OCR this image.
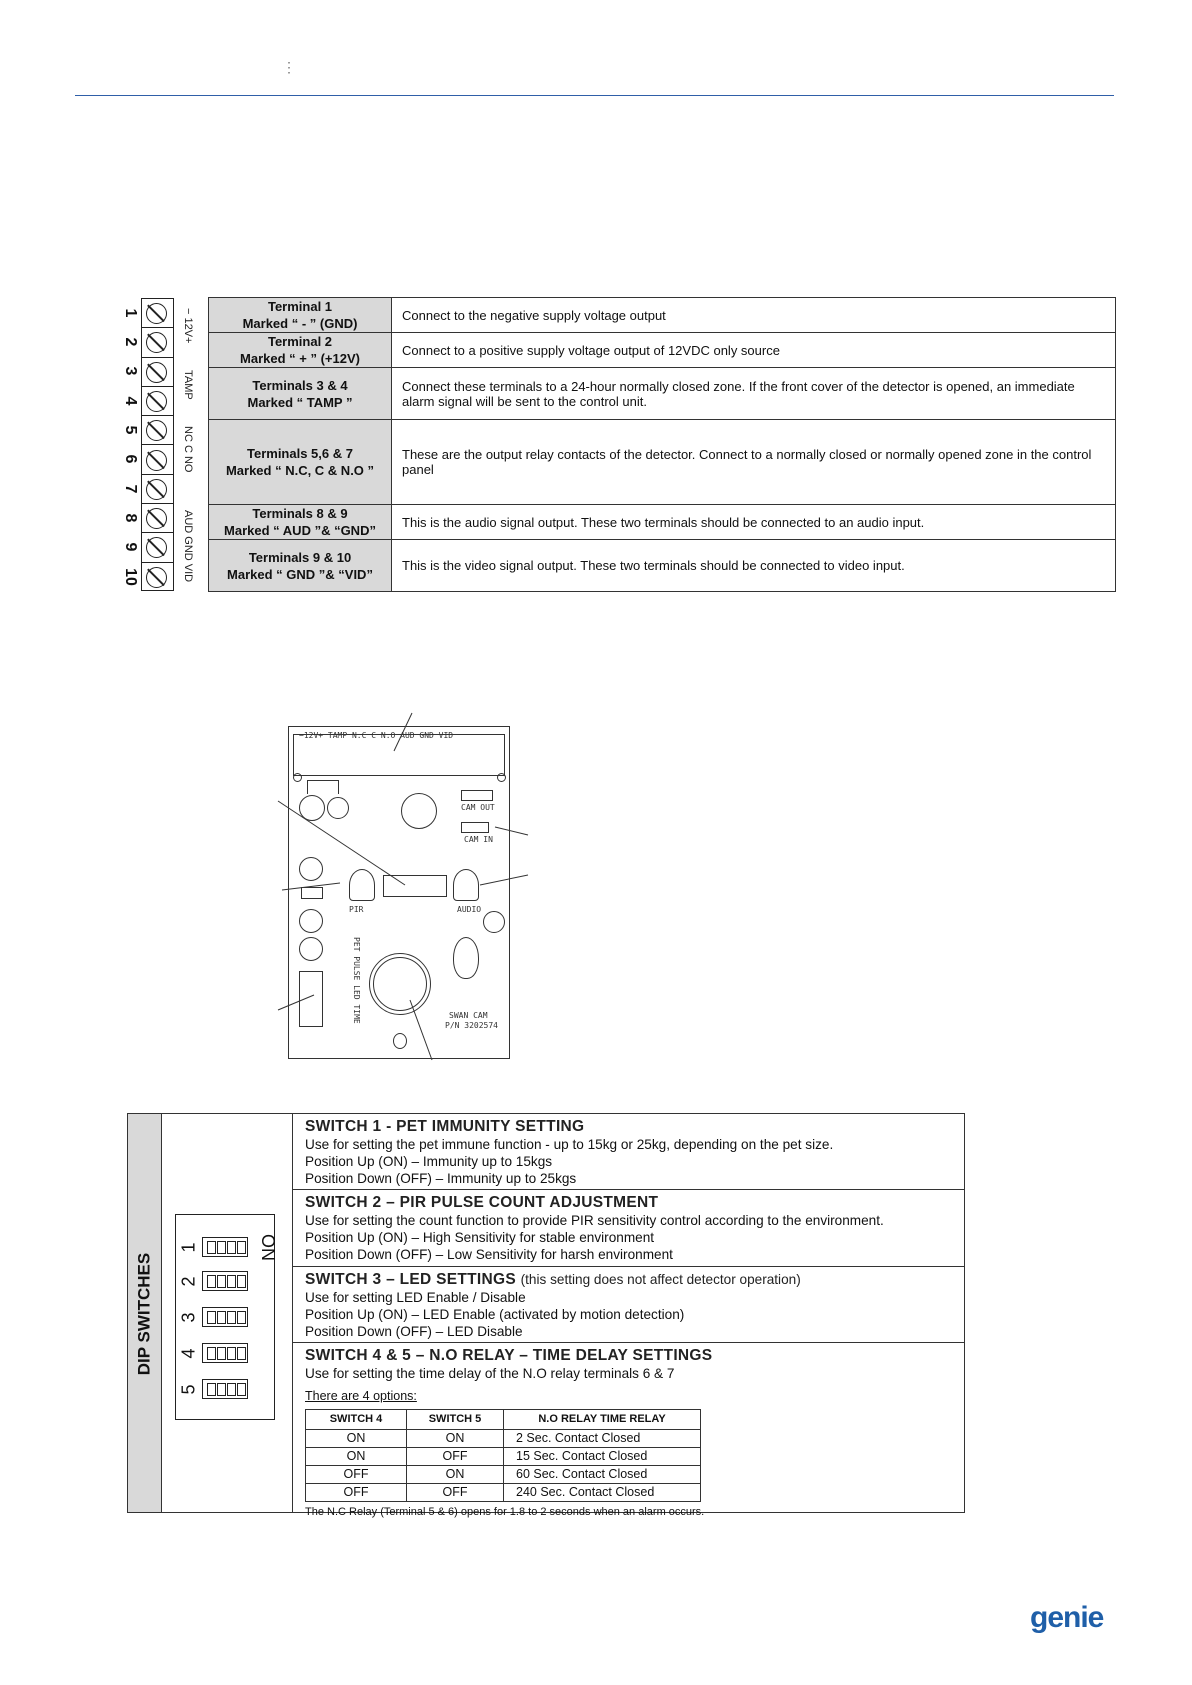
⋮
1
2
3
4
5
6
7
8
9
10
− 12V+
TAMP
NC C NO
AUD GND VID
Terminal 1
Marked “ - ” (GND)	Connect to the negative supply voltage output

Terminal 2
Marked “ + ” (+12V)	Connect to a positive supply voltage output of 12VDC only source

Terminals 3 & 4
Marked “ TAMP ”	Connect these terminals to a 24-hour normally closed zone. If the front cover of the detector is opened, an immediate alarm signal will be sent to the control unit.

Terminals 5,6 & 7
Marked “ N.C, C & N.O ”	These are the output relay contacts of the detector. Connect to a normally closed or normally opened zone in the control panel

Terminals 8 & 9
Marked “ AUD ”& “GND”	This is the audio signal output. These two terminals should be connected to an audio input.

Terminals 9 & 10
Marked “ GND ”& “VID”	This is the video signal output. These two terminals should be connected to video input.
−12V+ TAMP N.C C N.O AUD GND VID
CAM OUT
CAM IN
PIR	AUDIO
PET PULSE LED TIME	SWAN CAM
P/N 3202574
DIP SWITCHES
ON
1
2
3
4
5
SWITCH 1 - PET IMMUNITY SETTING
Use for setting the pet immune function - up to 15kg or 25kg, depending on the pet size.
Position Up (ON) – Immunity up to 15kgs
Position Down (OFF) – Immunity up to 25kgs
SWITCH 2 – PIR PULSE COUNT ADJUSTMENT
Use for setting the count function to provide PIR sensitivity control according to the environment.
Position Up (ON) – High Sensitivity for stable environment
Position Down (OFF) – Low Sensitivity for harsh environment
SWITCH 3 – LED SETTINGS (this setting does not affect detector operation)
Use for setting LED Enable / Disable
Position Up (ON) – LED Enable (activated by motion detection)
Position Down (OFF) – LED Disable
SWITCH 4 & 5 – N.O RELAY – TIME DELAY SETTINGS
Use for setting the time delay of the N.O relay terminals 6 & 7
There are 4 options:
SWITCH 4	SWITCH 5	N.O RELAY TIME RELAY
ON	ON	2 Sec. Contact Closed
ON	OFF	15 Sec. Contact Closed
OFF	ON	60 Sec. Contact Closed
OFF	OFF	240 Sec. Contact Closed
The N.C Relay (Terminal 5 & 6) opens for 1.8 to 2 seconds when an alarm occurs.
genie
